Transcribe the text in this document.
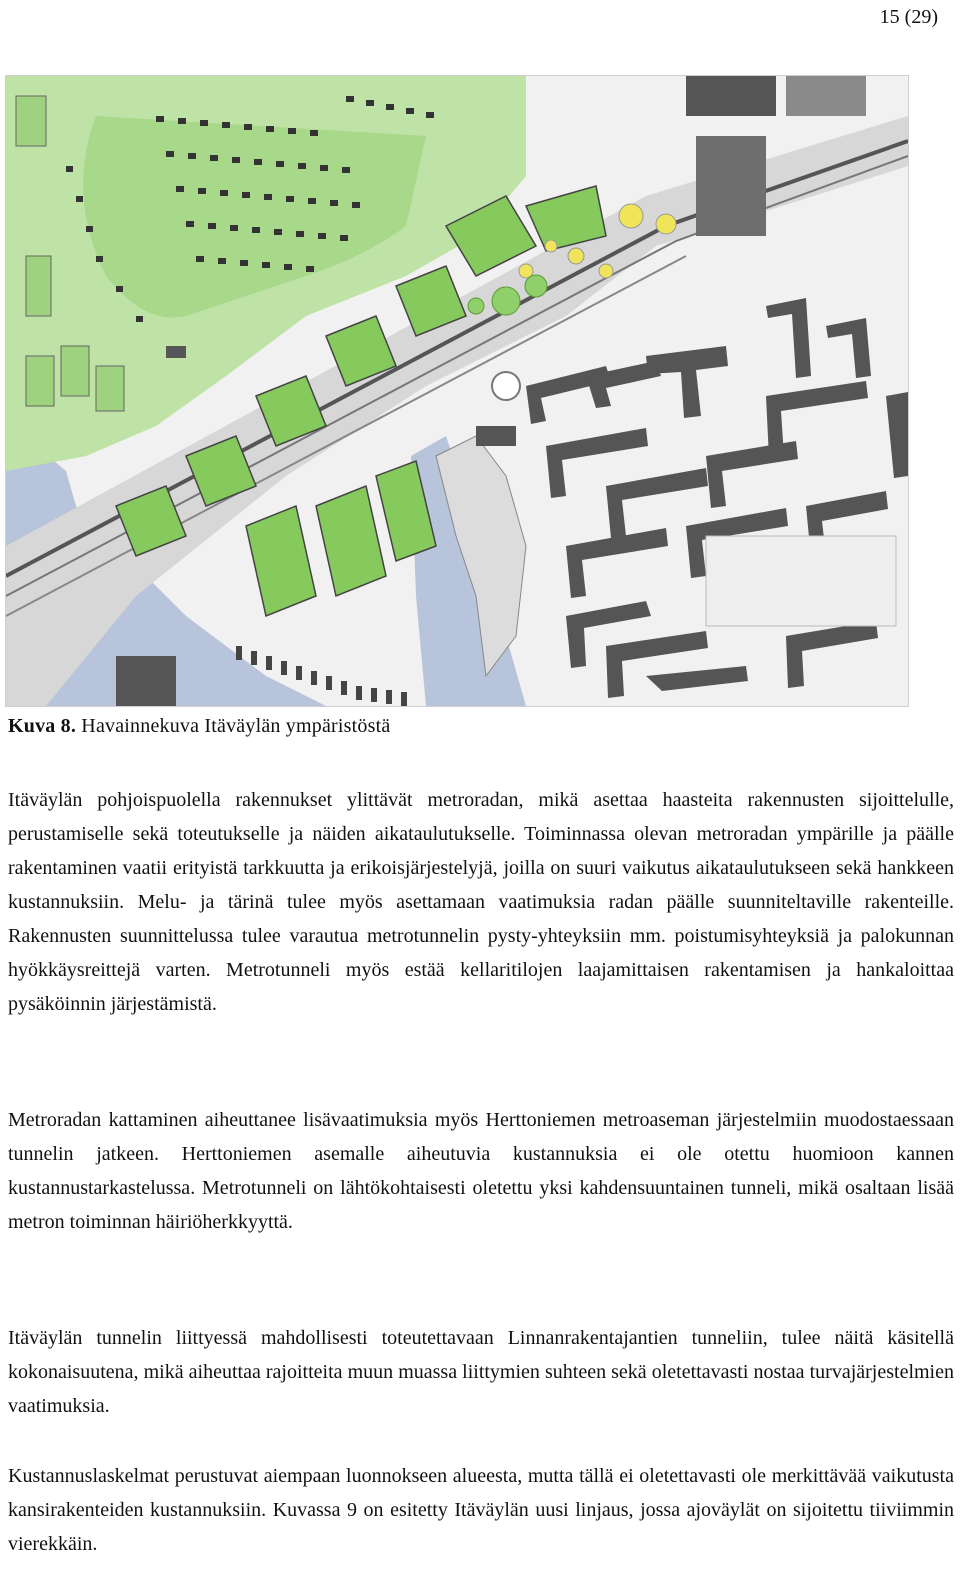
15 (29)
Kuva 8. Havainnekuva Itäväylän ympäristöstä

Itäväylän pohjoispuolella rakennukset ylittävät metroradan, mikä asettaa haasteita rakennusten sijoittelulle, perustamiselle sekä toteutukselle ja näiden aikataulutukselle. Toiminnassa olevan metroradan ympärille ja päälle rakentaminen vaatii erityistä tarkkuutta ja erikoisjärjestelyjä, joilla on suuri vaikutus aikataulutukseen sekä hankkeen kustannuksiin. Melu- ja tärinä tulee myös asettamaan vaatimuksia radan päälle suunniteltaville rakenteille. Rakennusten suunnittelussa tulee varautua metrotunnelin pysty-yhteyksiin mm. poistumisyhteyksiä ja palokunnan hyökkäysreittejä varten. Metrotunneli myös estää kellaritilojen laajamittaisen rakentamisen ja hankaloittaa pysäköinnin järjestämistä.

Metroradan kattaminen aiheuttanee lisävaatimuksia myös Herttoniemen metroaseman järjestelmiin muodostaessaan tunnelin jatkeen. Herttoniemen asemalle aiheutuvia kustannuksia ei ole otettu huomioon kannen kustannustarkastelussa. Metrotunneli on lähtökohtaisesti oletettu yksi kahdensuuntainen tunneli, mikä osaltaan lisää metron toiminnan häiriöherkkyyttä.

Itäväylän tunnelin liittyessä mahdollisesti toteutettavaan Linnanrakentajantien tunneliin, tulee näitä käsitellä kokonaisuutena, mikä aiheuttaa rajoitteita muun muassa liittymien suhteen sekä oletettavasti nostaa turvajärjestelmien vaatimuksia.

Kustannuslaskelmat perustuvat aiempaan luonnokseen alueesta, mutta tällä ei oletettavasti ole merkittävää vaikutusta kansirakenteiden kustannuksiin. Kuvassa 9 on esitetty Itäväylän uusi linjaus, jossa ajoväylät on sijoitettu tiiviimmin vierekkäin.
